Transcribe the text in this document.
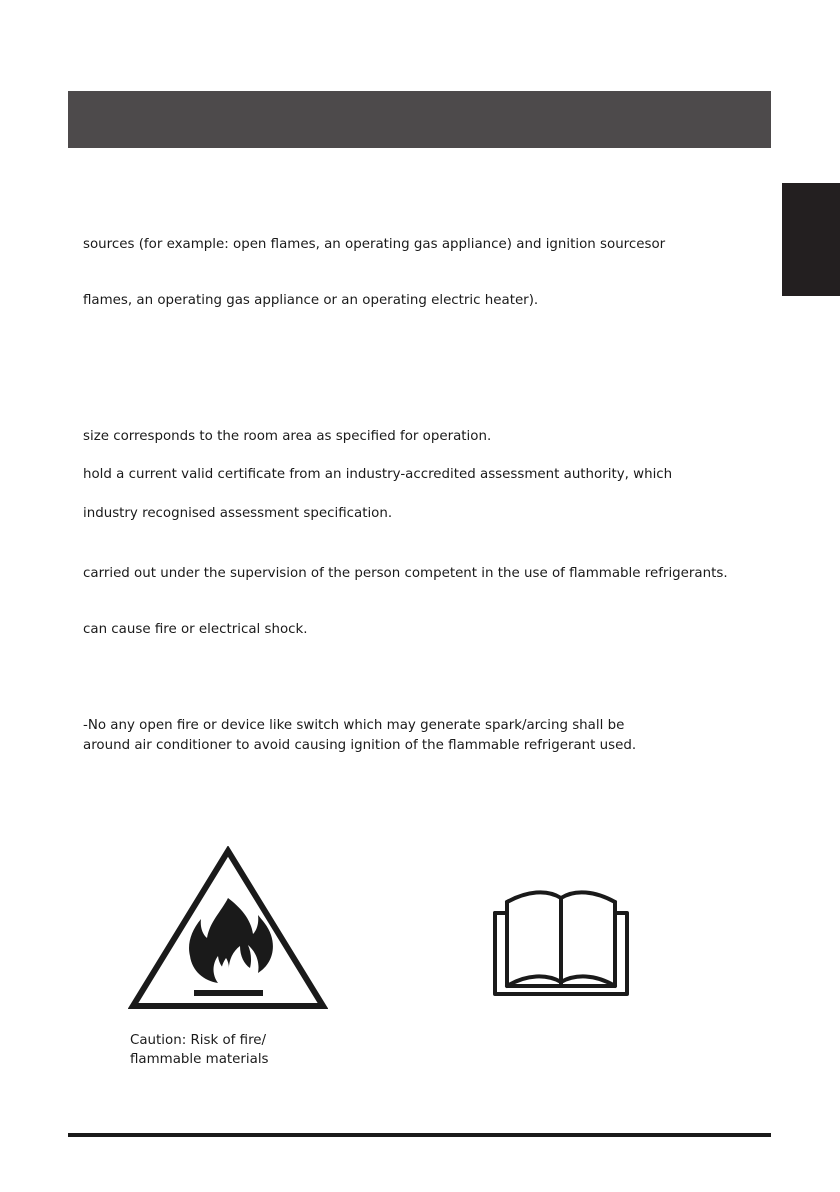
sources (for example: open flames, an operating gas appliance) and ignition sourcesor
flames, an operating gas appliance or an operating electric heater).
size corresponds to the room area as specified for operation.
hold a current valid certificate from an industry-accredited assessment authority, which
industry recognised assessment specification.
carried out under the supervision of the person competent in the use of flammable refrigerants.
can cause fire or electrical shock.
-No any open fire or device like switch which may generate spark/arcing shall be
around air conditioner to avoid causing ignition of the flammable refrigerant used.
Caution: Risk of fire/
flammable materials
